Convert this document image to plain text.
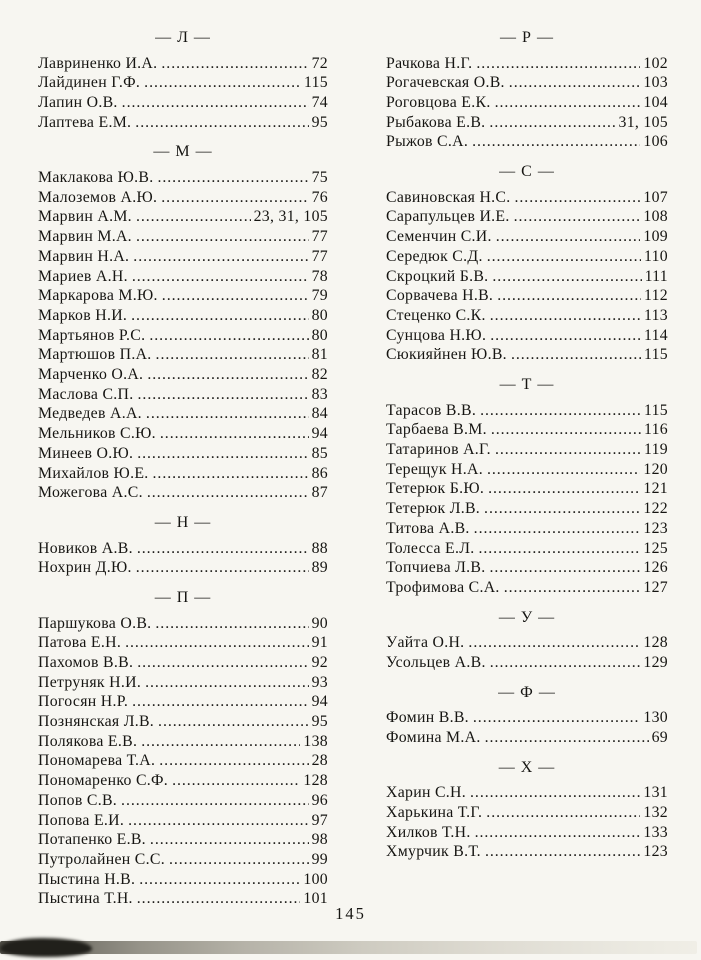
— Л —
Лавриненко И.А. . . .	72
Лайдинен Г.Ф. . . .	115
Лапин О.В. . . .	74
Лаптева Е.М. . . .	95
— М —
Маклакова Ю.В. . . .	75
Малоземов А.Ю. . . .	76
Марвин А.М. . . .	23, 31, 105
Марвин М.А. . . .	77
Марвин Н.А. . . .	77
Мариев А.Н. . . .	78
Маркарова М.Ю. . . .	79
Марков Н.И. . . .	80
Мартьянов Р.С. . . .	80
Мартюшов П.А. . . .	81
Марченко О.А. . . .	82
Маслова С.П. . . .	83
Медведев А.А. . . .	84
Мельников С.Ю. . . .	94
Минеев О.Ю. . . .	85
Михайлов Ю.Е. . . .	86
Можегова А.С. . . .	87
— Н —
Новиков А.В. . . .	88
Нохрин Д.Ю. . . .	89
— П —
Паршукова О.В. . . .	90
Патова Е.Н. . . .	91
Пахомов В.В. . . .	92
Петруняк Н.И. . . .	93
Погосян Н.Р. . . .	94
Познянская Л.В. . . .	95
Полякова Е.В. . . .	138
Пономарева Т.А. . . .	28
Пономаренко С.Ф. . . .	128
Попов С.В. . . .	96
Попова Е.И. . . .	97
Потапенко Е.В. . . .	98
Путролайнен С.С. . . .	99
Пыстина Н.В. . . .	100
Пыстина Т.Н. . . .	101
— Р —
Рачкова Н.Г. . . .	102
Рогачевская О.В. . . .	103
Роговцова Е.К. . . .	104
Рыбакова Е.В. . . .	31, 105
Рыжов С.А. . . .	106
— С —
Савиновская Н.С. . . .	107
Сарапульцев И.Е. . . .	108
Семенчин С.И. . . .	109
Середюк С.Д. . . .	110
Скроцкий Б.В. . . .	111
Сорвачева Н.В. . . .	112
Стеценко С.К. . . .	113
Сунцова Н.Ю. . . .	114
Сюкияйнен Ю.В. . . .	115
— Т —
Тарасов В.В. . . .	115
Тарбаева В.М. . . .	116
Татаринов А.Г. . . .	119
Терещук Н.А. . . .	120
Тетерюк Б.Ю. . . .	121
Тетерюк Л.В. . . .	122
Титова А.В. . . .	123
Толесса Е.Л. . . .	125
Топчиева Л.В. . . .	126
Трофимова С.А. . . .	127
— У —
Уайта О.Н. . . .	128
Усольцев А.В. . . .	129
— Ф —
Фомин В.В. . . .	130
Фомина М.А. . . .	69
— Х —
Харин С.Н. . . .	131
Харькина Т.Г. . . .	132
Хилков Т.Н. . . .	133
Хмурчик В.Т. . . .	123
145
